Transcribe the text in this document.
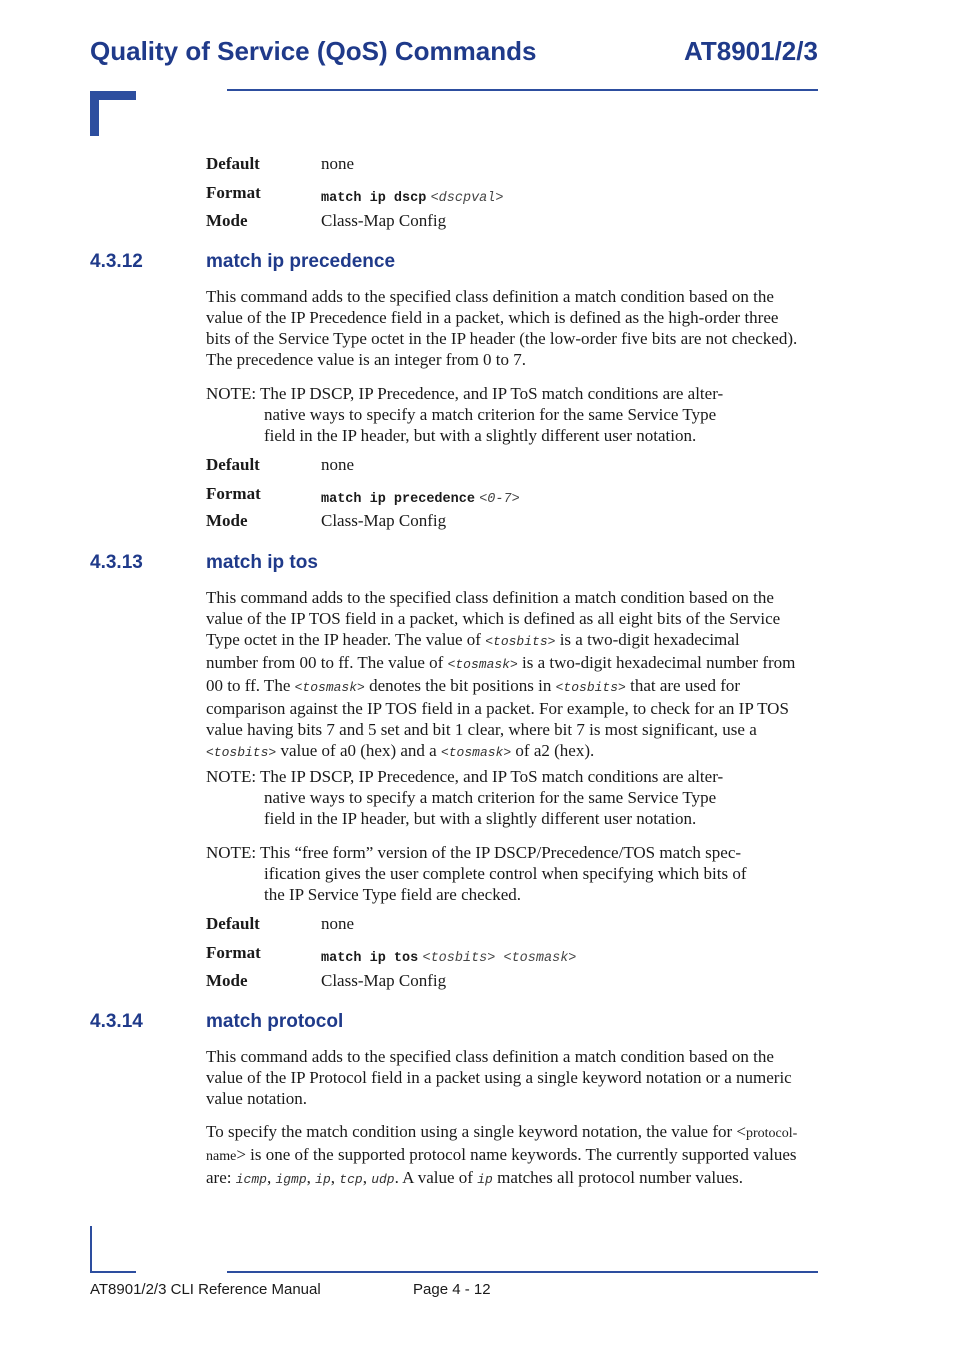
Quality of Service (QoS) Commands	AT8901/2/3
Default	none
Format	match ip dscp <dscpval>
Mode	Class-Map Config
4.3.12	match ip precedence
This command adds to the specified class definition a match condition based on the
value of the IP Precedence field in a packet, which is defined as the high-order three
bits of the Service Type octet in the IP header (the low-order five bits are not checked).
The precedence value is an integer from 0 to 7.
NOTE: The IP DSCP, IP Precedence, and IP ToS match conditions are alter-
native ways to specify a match criterion for the same Service Type
field in the IP header, but with a slightly different user notation.
Default	none
Format	match ip precedence <0-7>
Mode	Class-Map Config
4.3.13	match ip tos
This command adds to the specified class definition a match condition based on the
value of the IP TOS field in a packet, which is defined as all eight bits of the Service
Type octet in the IP header. The value of <tosbits> is a two-digit hexadecimal
number from 00 to ff. The value of <tosmask> is a two-digit hexadecimal number from
00 to ff. The <tosmask> denotes the bit positions in <tosbits> that are used for
comparison against the IP TOS field in a packet. For example, to check for an IP TOS
value having bits 7 and 5 set and bit 1 clear, where bit 7 is most significant, use a
<tosbits> value of a0 (hex) and a <tosmask> of a2 (hex).
NOTE: The IP DSCP, IP Precedence, and IP ToS match conditions are alter-
native ways to specify a match criterion for the same Service Type
field in the IP header, but with a slightly different user notation.
NOTE: This “free form” version of the IP DSCP/Precedence/TOS match spec-
ification gives the user complete control when specifying which bits of
the IP Service Type field are checked.
Default	none
Format	match ip tos <tosbits> <tosmask>
Mode	Class-Map Config
4.3.14	match protocol
This command adds to the specified class definition a match condition based on the
value of the IP Protocol field in a packet using a single keyword notation or a numeric
value notation.
To specify the match condition using a single keyword notation, the value for <protocol-
name> is one of the supported protocol name keywords. The currently supported values
are: icmp, igmp, ip, tcp, udp. A value of ip matches all protocol number values.
AT8901/2/3 CLI Reference Manual	Page 4 - 12
